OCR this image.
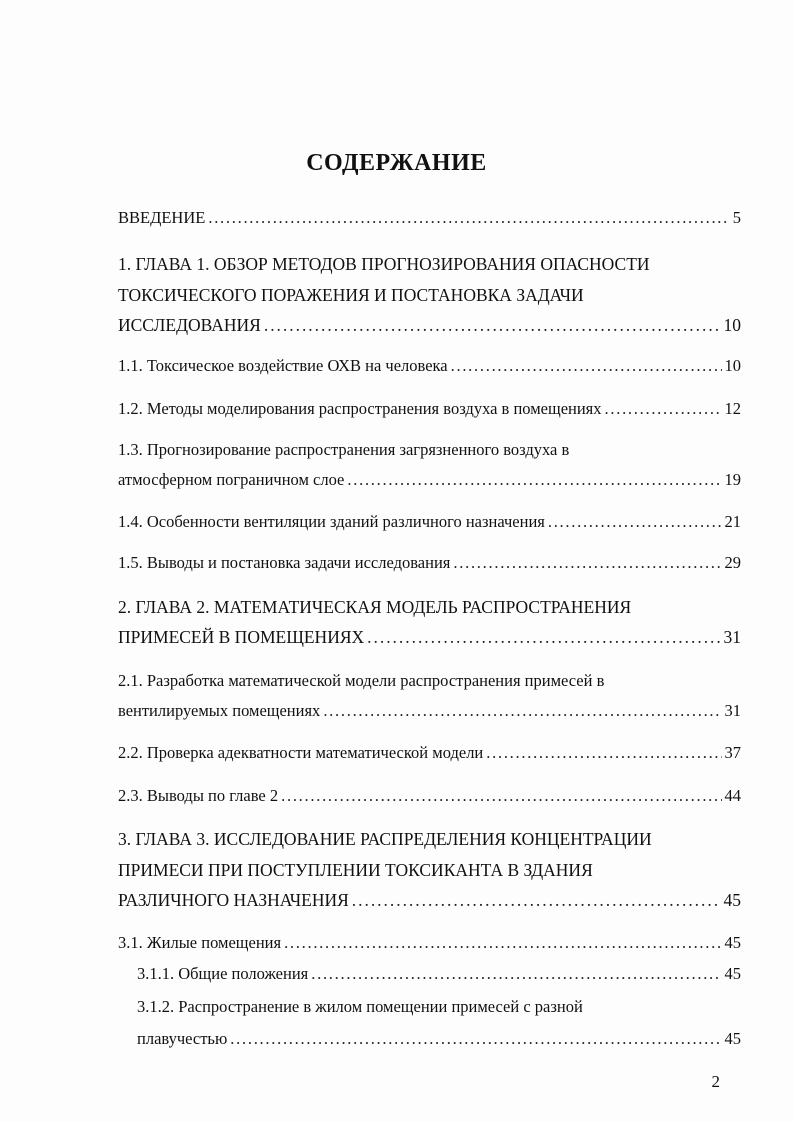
СОДЕРЖАНИЕ
ВВЕДЕНИЕ . . .	5
1. ГЛАВА 1. ОБЗОР МЕТОДОВ ПРОГНОЗИРОВАНИЯ ОПАСНОСТИ
ТОКСИЧЕСКОГО ПОРАЖЕНИЯ И ПОСТАНОВКА ЗАДАЧИ
ИССЛЕДОВАНИЯ . . .	10
1.1. Токсическое воздействие ОХВ на человека . . .	10
1.2. Методы моделирования распространения воздуха в помещениях . . .	12
1.3. Прогнозирование распространения загрязненного воздуха в
атмосферном пограничном слое . . .	19
1.4. Особенности вентиляции зданий различного назначения . . .	21
1.5. Выводы и постановка задачи исследования . . .	29
2. ГЛАВА 2. МАТЕМАТИЧЕСКАЯ МОДЕЛЬ РАСПРОСТРАНЕНИЯ
ПРИМЕСЕЙ В ПОМЕЩЕНИЯХ . . .	31
2.1. Разработка математической модели распространения примесей в
вентилируемых помещениях . . .	31
2.2. Проверка адекватности математической модели . . .	37
2.3. Выводы по главе 2 . . .	44
3. ГЛАВА 3. ИССЛЕДОВАНИЕ РАСПРЕДЕЛЕНИЯ КОНЦЕНТРАЦИИ
ПРИМЕСИ ПРИ ПОСТУПЛЕНИИ ТОКСИКАНТА В ЗДАНИЯ
РАЗЛИЧНОГО НАЗНАЧЕНИЯ . . .	45
3.1. Жилые помещения . . .	45
3.1.1. Общие положения . . .	45
3.1.2. Распространение в жилом помещении примесей с разной
плавучестью . . .	45
2
